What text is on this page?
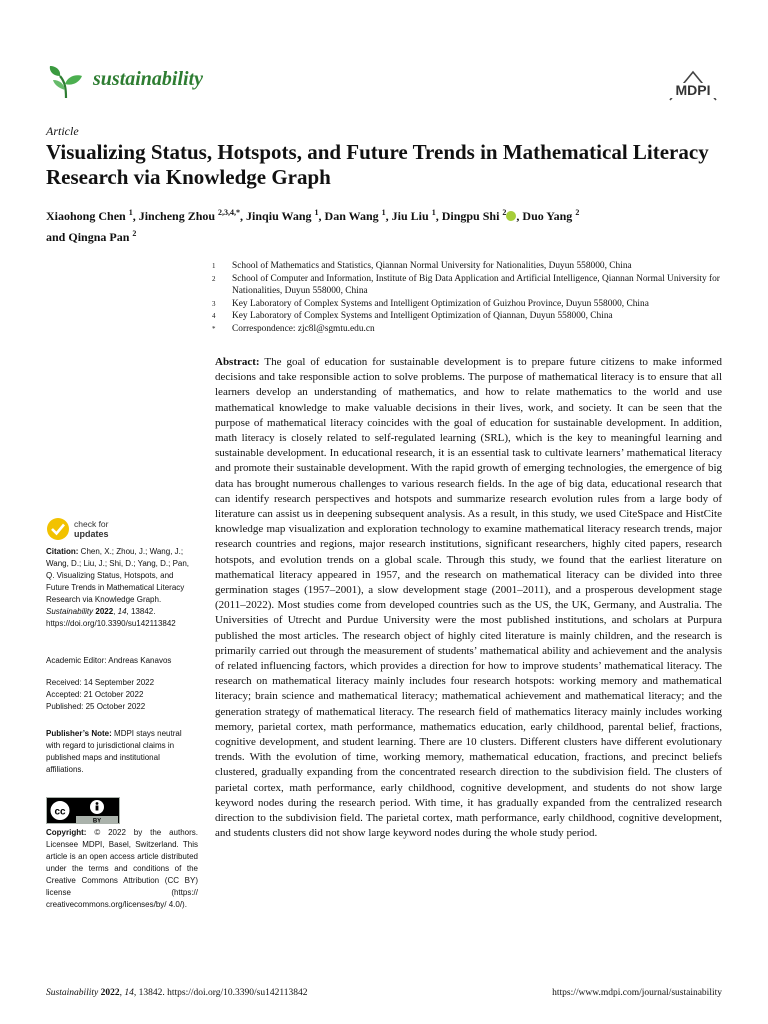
sustainability	MDPI
Article
Visualizing Status, Hotspots, and Future Trends in Mathematical Literacy Research via Knowledge Graph
Xiaohong Chen $^1$, Jincheng Zhou $^{2,3,4,*}$, Jinqiu Wang $^1$, Dan Wang $^1$, Jiu Liu $^1$, Dingpu Shi $^2$ , Duo Yang $^2$
and Qingna Pan $^2$
1	School of Mathematics and Statistics, Qiannan Normal University for Nationalities, Duyun 558000, China
2	School of Computer and Information, Institute of Big Data Application and Artificial Intelligence, Qiannan Normal University for Nationalities, Duyun 558000, China
3	Key Laboratory of Complex Systems and Intelligent Optimization of Guizhou Province, Duyun 558000, China
4	Key Laboratory of Complex Systems and Intelligent Optimization of Qiannan, Duyun 558000, China
*	Correspondence: zjc8l@sgmtu.edu.cn
Abstract: The goal of education for sustainable development is to prepare future citizens to make informed decisions and take responsible action to solve problems. The purpose of mathematical literacy is to ensure that all learners develop an understanding of mathematics, and how to relate mathematics to the world and use mathematical knowledge to make valuable decisions in their lives, work, and society. It can be seen that the purpose of mathematical literacy coincides with the goal of education for sustainable development. In addition, math literacy is closely related to self-regulated learning (SRL), which is the key to meaningful learning and sustainable development. In educational research, it is an essential task to cultivate learners’ mathematical literacy and promote their sustainable development. With the rapid growth of emerging technologies, the emergence of big data has brought numerous challenges to various research fields. In the age of big data, educational research that can identify research perspectives and hotspots and summarize research evolution rules from a large body of literature can assist us in deepening subsequent analysis. As a result, in this study, we used CiteSpace and HistCite knowledge map visualization and exploration technology to examine mathematical literacy research trends, major research countries and regions, major research institutions, significant researchers, highly cited papers, research hotspots, and evolution trends on a global scale. Through this study, we found that the earliest literature on mathematical literacy appeared in 1957, and the research on mathematical literacy can be divided into three germination stages (1957–2001), a slow development stage (2001–2011), and a prosperous development stage (2011–2022). Most studies come from developed countries such as the US, the UK, Germany, and Australia. The Universities of Utrecht and Purdue University were the most published institutions, and scholars at Purpura published the most articles. The research object of highly cited literature is mainly children, and the research is primarily carried out through the measurement of students’ mathematical ability and achievement and the analysis of related influencing factors, which provides a direction for how to improve students’ mathematical literacy. The research on mathematical literacy mainly includes four research hotspots: working memory and mathematical literacy; brain science and mathematical literacy; mathematical achievement and mathematical literacy; and the generation strategy of mathematical literacy. The research field of mathematics literacy mainly includes working memory, parietal cortex, math performance, mathematics education, early childhood, parental belief, fractions, cognitive development, and student learning. There are 10 clusters. Different clusters have different evolutionary trends. With the evolution of time, working memory, mathematical education, fractions, and precinct beliefs clustered, gradually expanding from the concentrated research direction to the subdivision field. The clusters of parietal cortex, math performance, early childhood, cognitive development, and students do not show large keyword nodes during the research period. With time, it has gradually expanded from the centralized research direction to the subdivision field. The parietal cortex, math performance, early childhood, cognitive development, and students clusters did not show large keyword nodes during the whole study period.
check for
updates
Citation: Chen, X.; Zhou, J.; Wang, J.; Wang, D.; Liu, J.; Shi, D.; Yang, D.; Pan, Q. Visualizing Status, Hotspots, and Future Trends in Mathematical Literacy Research via Knowledge Graph. Sustainability 2022, 14, 13842. https://doi.org/10.3390/su142113842
Academic Editor: Andreas Kanavos
Received: 14 September 2022
Accepted: 21 October 2022
Published: 25 October 2022
Publisher’s Note: MDPI stays neutral with regard to jurisdictional claims in published maps and institutional affiliations.
cc
BY
Copyright: © 2022 by the authors. Licensee MDPI, Basel, Switzerland. This article is an open access article distributed under the terms and conditions of the Creative Commons Attribution (CC BY) license (https:// creativecommons.org/licenses/by/ 4.0/).
Sustainability 2022, 14, 13842. https://doi.org/10.3390/su142113842	https://www.mdpi.com/journal/sustainability
